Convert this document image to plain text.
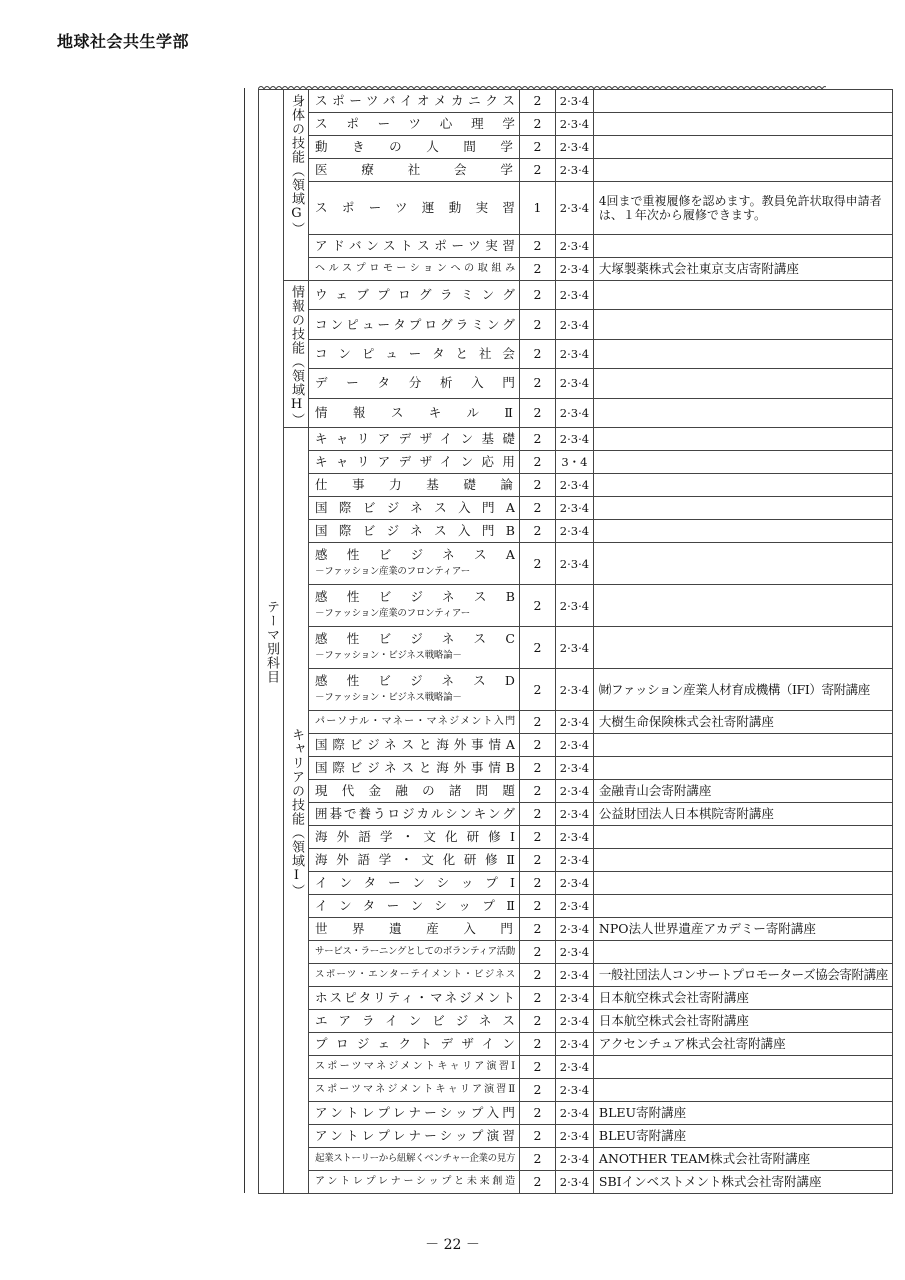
地球社会共生学部
テーマ別科目	身体の技能（領域G）	スポーツバイオメカニクス	2	2·3·4	

		スポーツ心理学	2	2·3·4	

		動きの人間学	2	2·3·4	

		医療社会学	2	2·3·4	

		スポーツ運動実習	1	2·3·4	4回まで重複履修を認めます。教員免許状取得申請者は、１年次から履修できます。

		アドバンストスポーツ実習	2	2·3·4	

		ヘルスプロモーションへの取組み	2	2·3·4	大塚製薬株式会社東京支店寄附講座

	情報の技能（領域H）	ウェブプログラミング	2	2·3·4	

		コンピュータプログラミング	2	2·3·4	

		コンピュータと社会	2	2·3·4	

		データ分析入門	2	2·3·4	

		情報スキルⅡ	2	2·3·4	

	キャリアの技能（領域I）	キャリアデザイン基礎	2	2·3·4	

		キャリアデザイン応用	2	3・4	

		仕事力基礎論	2	2·3·4	

		国際ビジネス入門A	2	2·3·4	

		国際ビジネス入門B	2	2·3·4	

		感性ビジネスA
－ファッション産業のフロンティアー	2	2·3·4	

		感性ビジネスB
－ファッション産業のフロンティアー	2	2·3·4	

		感性ビジネスC
－ファッション・ビジネス戦略論－	2	2·3·4	

		感性ビジネスD
－ファッション・ビジネス戦略論－	2	2·3·4	㈶ファッション産業人材育成機構（IFI）寄附講座

		パーソナル・マネー・マネジメント入門	2	2·3·4	大樹生命保険株式会社寄附講座

		国際ビジネスと海外事情A	2	2·3·4	

		国際ビジネスと海外事情B	2	2·3·4	

		現代金融の諸問題	2	2·3·4	金融青山会寄附講座

		囲碁で養うロジカルシンキング	2	2·3·4	公益財団法人日本棋院寄附講座

		海外語学・文化研修Ⅰ	2	2·3·4	

		海外語学・文化研修Ⅱ	2	2·3·4	

		インターンシップⅠ	2	2·3·4	

		インターンシップⅡ	2	2·3·4	

		世界遺産入門	2	2·3·4	NPO法人世界遺産アカデミー寄附講座

		サービス・ラーニングとしてのボランティア活動	2	2·3·4	

		スポーツ・エンターテイメント・ビジネス	2	2·3·4	一般社団法人コンサートプロモーターズ協会寄附講座

		ホスピタリティ・マネジメント	2	2·3·4	日本航空株式会社寄附講座

		エアラインビジネス	2	2·3·4	日本航空株式会社寄附講座

		プロジェクトデザイン	2	2·3·4	アクセンチュア株式会社寄附講座

		スポーツマネジメントキャリア演習Ⅰ	2	2·3·4	

		スポーツマネジメントキャリア演習Ⅱ	2	2·3·4	

		アントレプレナーシップ入門	2	2·3·4	BLEU寄附講座

		アントレプレナーシップ演習	2	2·3·4	BLEU寄附講座

		起業ストーリーから紐解くベンチャー企業の見方	2	2·3·4	ANOTHER TEAM株式会社寄附講座

		アントレプレナーシップと未来創造	2	2·3·4	SBIインベストメント株式会社寄附講座
－ 22 －
